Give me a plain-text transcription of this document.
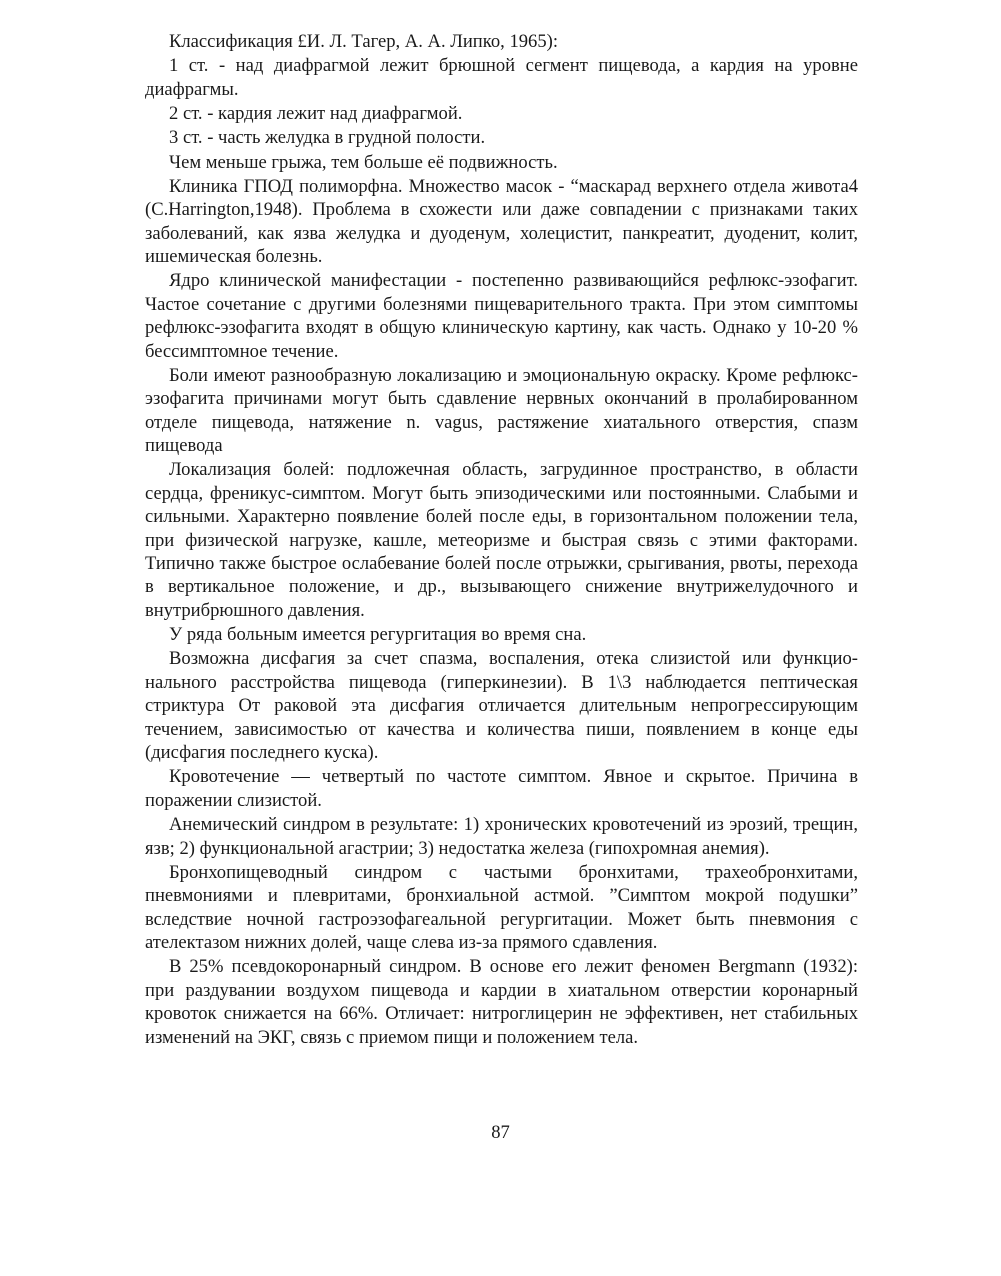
Классификация £И. Л. Тагер, А. А. Липко, 1965):

1 ст. - над диафрагмой лежит брюшной сегмент пищевода, а кардия на уровне диафрагмы.

2 ст. - кардия лежит над диафрагмой.

3 ст. - часть желудка в грудной полости.

Чем меньше грыжа, тем больше её подвижность.

Клиника ГПОД полиморфна. Множество масок - “маскарад верхнего отдела живота4 (С.Harrington,1948). Проблема в схожести или даже совпадении с признаками таких заболеваний, как язва желудка и дуоденум, холецистит, панкреатит, дуоденит, колит, ишемическая болезнь.

Ядро клинической манифестации - постепенно развивающийся рефлюкс-эзофагит. Частое сочетание с другими болезнями пищеварительного тракта. При этом симптомы рефлюкс-эзофагита входят в общую клиническую картину, как часть. Однако у 10-20 % бессимптомное течение.

Боли имеют разнообразную локализацию и эмоциональную окраску. Кроме рефлюкс-эзофагита причинами могут быть сдавление нервных окончаний в пролабированном отделе пищевода, натяжение n. vagus, растяжение хиатального отверстия, спазм пищевода

Локализация болей: подложечная область, загрудинное пространство, в области сердца, френикус-симптом. Могут быть эпизодическими или постоянными. Слабыми и сильными. Характерно появление болей после еды, в горизонтальном положении тела, при физической нагрузке, кашле, метеоризме и быстрая связь с этими факторами. Типично также быстрое ослабевание болей после отрыжки, срыгивания, рвоты, перехода в вертикальное положение, и др., вызывающего снижение внутрижелудочного и внутрибрюшного давления.

У ряда больным имеется регургитация во время сна.

Возможна дисфагия за счет спазма, воспаления, отека слизистой или функционального расстройства пищевода (гиперкинезии). В 1\3 наблюдается пептическая стриктура От раковой эта дисфагия отличается длительным непрогрессирующим течением, зависимостью от качества и количества пиши, появлением в конце еды (дисфагия последнего куска).

Кровотечение — четвертый по частоте симптом. Явное и скрытое. Причина в поражении слизистой.

Анемический синдром в результате: 1) хронических кровотечений из эрозий, трещин, язв; 2) функциональной агастрии; 3) недостатка железа (гипохромная анемия).

Бронхопищеводный синдром с частыми бронхитами, трахеобронхитами, пневмониями и плевритами, бронхиальной астмой. ”Симптом мокрой подушки” вследствие ночной гастроэзофагеальной регургитации. Может быть пневмония с ателектазом нижних долей, чаще слева из-за прямого сдавления.

В 25% псевдокоронарный синдром. В основе его лежит феномен Bergmann (1932): при раздувании воздухом пищевода и кардии в хиатальном отверстии коронарный кровоток снижается на 66%. Отличает: нитроглицерин не эффективен, нет стабильных изменений на ЭКГ, связь с приемом пищи и положением тела.

87
